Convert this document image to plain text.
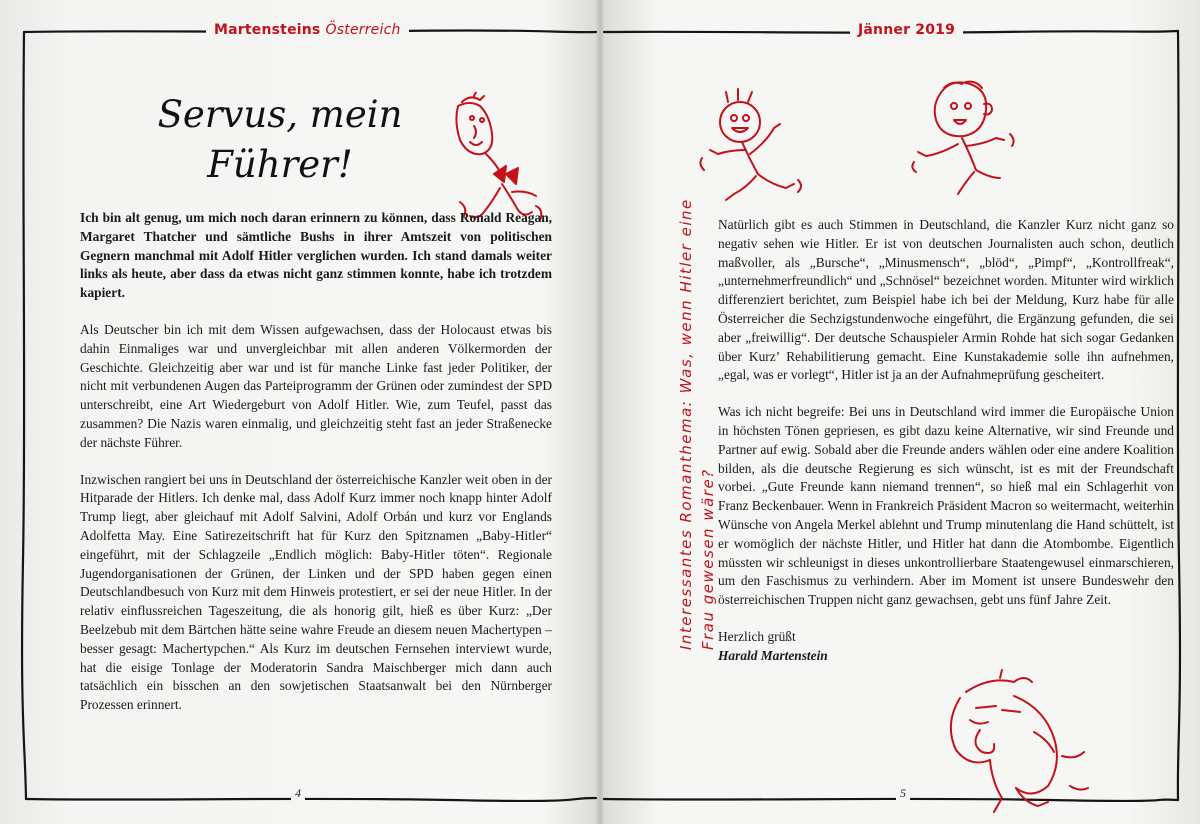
Martensteins Österreich
Servus, mein
Führer!

Ich bin alt genug, um mich noch daran erinnern zu können, dass Ronald Reagan, Margaret Thatcher und sämtliche Bushs in ihrer Amtszeit von politischen Gegnern manchmal mit Adolf Hitler verglichen wurden. Ich stand damals weiter links als heute, aber dass da etwas nicht ganz stimmen konnte, habe ich trotzdem kapiert.

Als Deutscher bin ich mit dem Wissen aufgewachsen, dass der Holocaust etwas bis dahin Einmaliges war und unvergleichbar mit allen anderen Völkermorden der Geschichte. Gleichzeitig aber war und ist für manche Linke fast jeder Politiker, der nicht mit verbundenen Augen das Parteiprogramm der Grünen oder zumindest der SPD unterschreibt, eine Art Wiedergeburt von Adolf Hitler. Wie, zum Teufel, passt das zusammen? Die Nazis waren einmalig, und gleichzeitig steht fast an jeder Straßenecke der nächste Führer.

Inzwischen rangiert bei uns in Deutschland der österreichische Kanzler weit oben in der Hitparade der Hitlers. Ich denke mal, dass Adolf Kurz immer noch knapp hinter Adolf Trump liegt, aber gleichauf mit Adolf Salvini, Adolf Orbán und kurz vor Englands Adolfetta May. Eine Satirezeitschrift hat für Kurz den Spitznamen „Baby-Hitler“ eingeführt, mit der Schlagzeile „Endlich möglich: Baby-Hitler töten“. Regionale Jugendorganisationen der Grünen, der Linken und der SPD haben gegen einen Deutschlandbesuch von Kurz mit dem Hinweis protestiert, er sei der neue Hitler. In der relativ einflussreichen Tageszeitung, die als honorig gilt, hieß es über Kurz: „Der Beelzebub mit dem Bärtchen hätte seine wahre Freude an diesem neuen Machertypen – besser gesagt: Machertypchen.“ Als Kurz im deutschen Fernsehen interviewt wurde, hat die eisige Tonlage der Moderatorin Sandra Maischberger mich dann auch tatsächlich ein bisschen an den sowjetischen Staatsanwalt bei den Nürnberger Prozessen erinnert.

4
Jänner 2019
Interessantes Romanthema: Was, wenn Hitler eine Frau gewesen wäre?

Natürlich gibt es auch Stimmen in Deutschland, die Kanzler Kurz nicht ganz so negativ sehen wie Hitler. Er ist von deutschen Journalisten auch schon, deutlich maßvoller, als „Bursche“, „Minusmensch“, „blöd“, „Pimpf“, „Kontrollfreak“, „unternehmerfreundlich“ und „Schnösel“ bezeichnet worden. Mitunter wird wirklich differenziert berichtet, zum Beispiel habe ich bei der Meldung, Kurz habe für alle Österreicher die Sechzigstundenwoche eingeführt, die Ergänzung gefunden, die sei aber „freiwillig“. Der deutsche Schauspieler Armin Rohde hat sich sogar Gedanken über Kurz’ Rehabilitierung gemacht. Eine Kunstakademie solle ihn aufnehmen, „egal, was er vorlegt“, Hitler ist ja an der Aufnahmeprüfung gescheitert.

Was ich nicht begreife: Bei uns in Deutschland wird immer die Europäische Union in höchsten Tönen gepriesen, es gibt dazu keine Alternative, wir sind Freunde und Partner auf ewig. Sobald aber die Freunde anders wählen oder eine andere Koalition bilden, als die deutsche Regierung es sich wünscht, ist es mit der Freundschaft vorbei. „Gute Freunde kann niemand trennen“, so hieß mal ein Schlagerhit von Franz Beckenbauer. Wenn in Frankreich Präsident Macron so weitermacht, weiterhin Wünsche von Angela Merkel ablehnt und Trump minutenlang die Hand schüttelt, ist er womöglich der nächste Hitler, und Hitler hat dann die Atombombe. Eigentlich müssten wir schleunigst in dieses unkontrollierbare Staatengewusel einmarschieren, um den Faschismus zu verhindern. Aber im Moment ist unsere Bundeswehr den österreichischen Truppen nicht ganz gewachsen, gebt uns fünf Jahre Zeit.

Herzlich grüßt

Harald Martenstein

5
